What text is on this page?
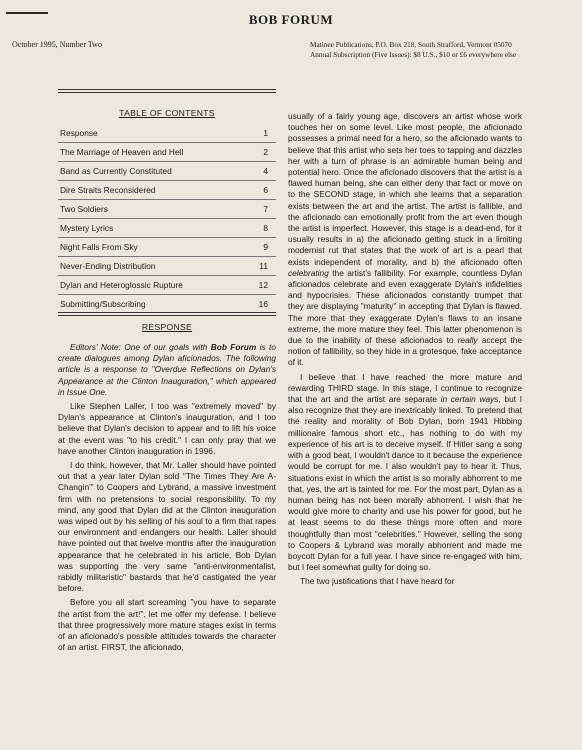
BOB FORUM
October 1995, Number Two	Matinee Publications, P.O. Box 218, South Strafford, Vermont 05070
Annual Subscription (Five Issues): $8 U.S., $10 or £6 everywhere else
TABLE OF CONTENTS
Response	1
The Marriage of Heaven and Hell	2
Band as Currently Constituted	4
Dire Straits Reconsidered	6
Two Soldiers	7
Mystery Lyrics	8
Night Falls From Sky	9
Never-Ending Distribution	11
Dylan and Heteroglossic Rupture	12
Submitting/Subscribing	16
RESPONSE

Editors' Note: One of our goals with Bob Forum is to create dialogues among Dylan aficionados. The following article is a response to "Overdue Reflections on Dylan's Appearance at the Clinton Inauguration," which appeared in Issue One.

Like Stephen Laller, I too was "extremely moved" by Dylan's appearance at Clinton's inauguration, and I too believe that Dylan's decision to appear and to lift his voice at the event was "to his credit." I can only pray that we have another Clinton inauguration in 1996.

I do think, however, that Mr. Laller should have pointed out that a year later Dylan sold "The Times They Are A-Changin'" to Coopers and Lybrand, a massive investment firm with no pretensions to social responsibility. To my mind, any good that Dylan did at the Clinton inauguration was wiped out by his selling of his soul to a firm that rapes our environment and endangers our health. Laller should have pointed out that twelve months after the inauguration appearance that he celebrated in his article, Bob Dylan was supporting the very same "anti-environmentalist, rabidly militaristic" bastards that he'd castigated the year before.

Before you all start screaming "you have to separate the artist from the art!", let me offer my defense. I believe that three progressively more mature stages exist in terms of an aficionado's possible attitudes towards the character of an artist. FIRST, the aficionado,

usually of a fairly young age, discovers an artist whose work touches her on some level. Like most people, the aficionado possesses a primal need for a hero, so the aficionado wants to believe that this artist who sets her toes to tapping and dazzles her with a turn of phrase is an admirable human being and potential hero. Once the aficionado discovers that the artist is a flawed human being, she can either deny that fact or move on to the SECOND stage, in which she learns that a separation exists between the art and the artist. The artist is fallible, and the aficionado can emotionally profit from the art even though the artist is imperfect. However, this stage is a dead-end, for it usually results in a) the aficionado getting stuck in a limiting modernist rut that states that the work of art is a pearl that exists independent of morality, and b) the aficionado often celebrating the artist's fallibility. For example, countless Dylan aficionados celebrate and even exaggerate Dylan's infidelities and hypocrisies. These aficionados constantly trumpet that they are displaying "maturity" in accepting that Dylan is flawed. The more that they exaggerate Dylan's flaws to an insane extreme, the more mature they feel. This latter phenomenon is due to the inability of these aficionados to really accept the notion of fallibility, so they hide in a grotesque, fake acceptance of it.

I believe that I have reached the more mature and rewarding THIRD stage. In this stage, I continue to recognize that the art and the artist are separate in certain ways, but I also recognize that they are inextricably linked. To pretend that the reality and morality of Bob Dylan, born 1941 Hibbing millionaire famous short etc., has nothing to do with my experience of his art is to deceive myself. If Hitler sang a song with a good beat, I wouldn't dance to it because the experience would be corrupt for me. I also wouldn't pay to hear it. Thus, situations exist in which the artist is so morally abhorrent to me that, yes, the art is tainted for me. For the most part, Dylan as a human being has not been morally abhorrent. I wish that he would give more to charity and use his power for good, but he at least seems to do these things more often and more thoughtfully than most "celebrities." However, selling the song to Coopers & Lybrand was morally abhorrent and made me boycott Dylan for a full year. I have since re-engaged with him, but I feel somewhat guilty for doing so.

The two justifications that I have heard for
